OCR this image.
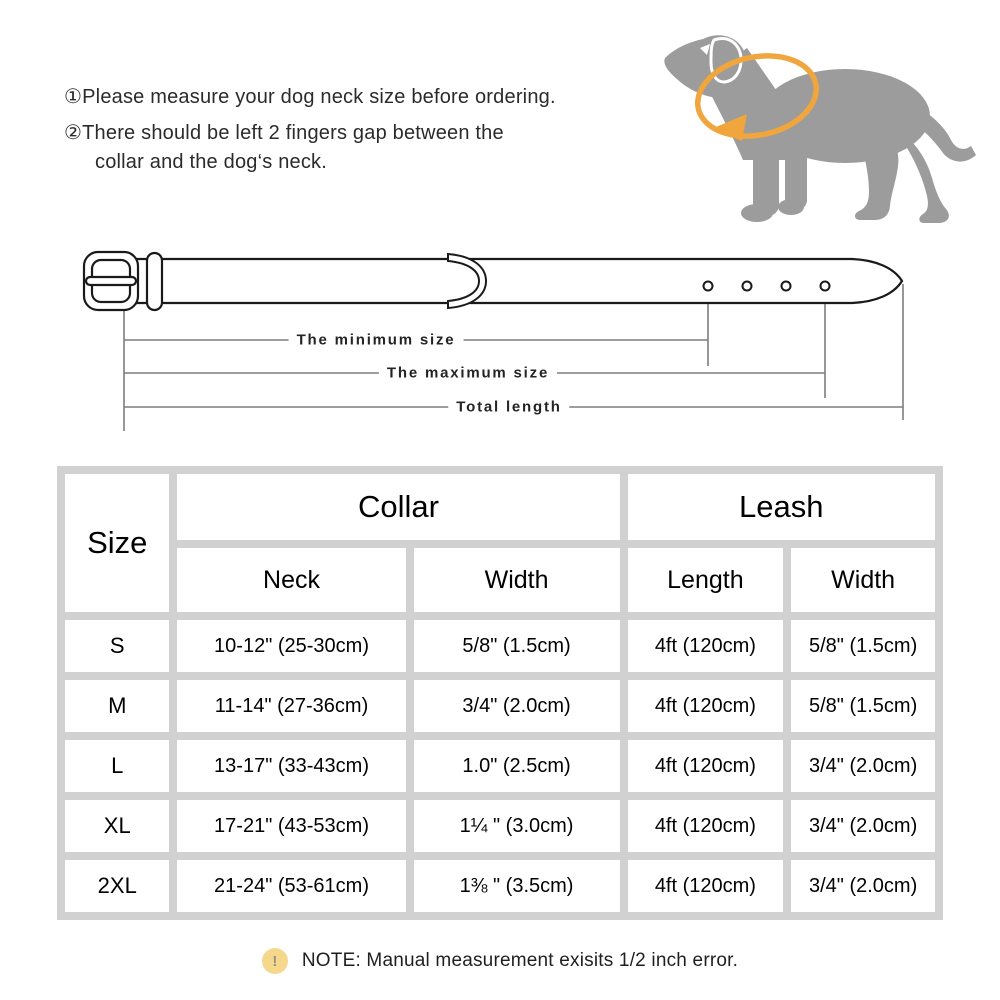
①Please measure your dog neck size before ordering.
②There should be left 2 fingers gap between the
collar and the dog‘s neck.
The minimum size
The maximum size
Total length
Size	Collar		Leash	
	Neck	Width	Length	Width
S	10-12" (25-30cm)	5/8" (1.5cm)	4ft (120cm)	5/8" (1.5cm)
M	11-14" (27-36cm)	3/4" (2.0cm)	4ft (120cm)	5/8" (1.5cm)
L	13-17" (33-43cm)	1.0" (2.5cm)	4ft (120cm)	3/4" (2.0cm)
XL	17-21" (43-53cm)	1¼ " (3.0cm)	4ft (120cm)	3/4" (2.0cm)
2XL	21-24" (53-61cm)	1⅜ " (3.5cm)	4ft (120cm)	3/4" (2.0cm)
!	NOTE: Manual measurement exisits 1/2 inch error.
